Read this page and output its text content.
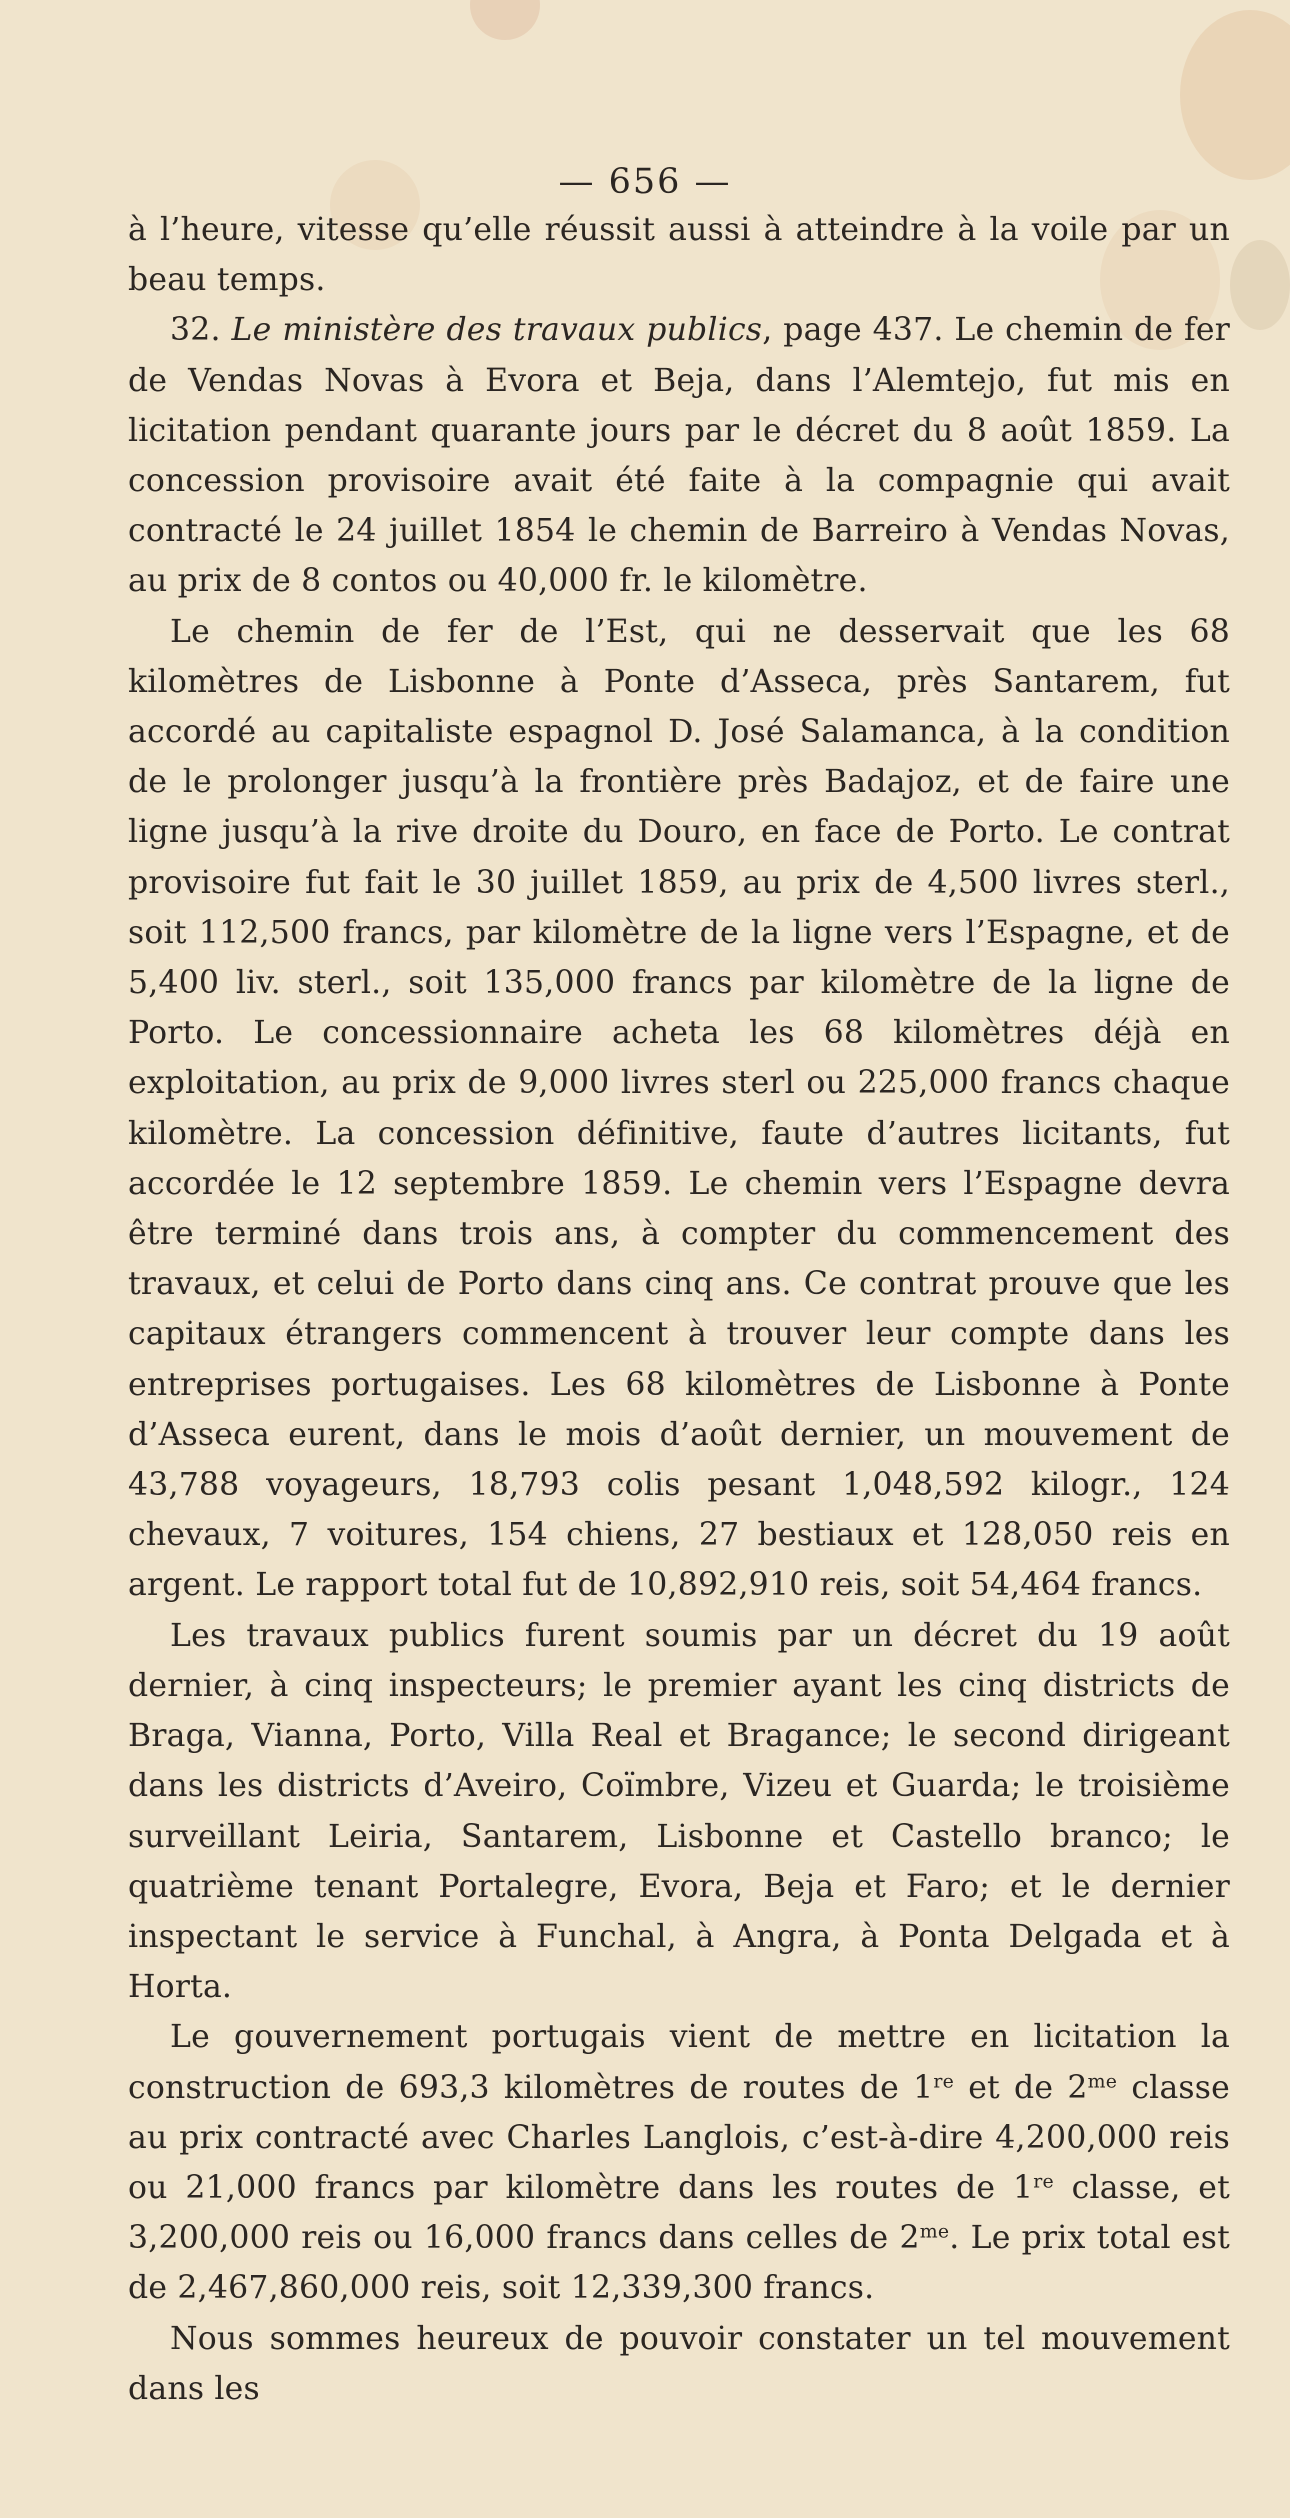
— 656 —

à l’heure, vitesse qu’elle réussit aussi à atteindre à la voile par un beau temps.

32. Le ministère des travaux publics, page 437. Le chemin de fer de Vendas Novas à Evora et Beja, dans l’Alemtejo, fut mis en licitation pendant quarante jours par le décret du 8 août 1859. La concession provisoire avait été faite à la compagnie qui avait contracté le 24 juillet 1854 le chemin de Barreiro à Vendas Novas, au prix de 8 contos ou 40,000 fr. le kilomètre.

Le chemin de fer de l’Est, qui ne desservait que les 68 kilomètres de Lisbonne à Ponte d’Asseca, près Santarem, fut accordé au capitaliste espagnol D. José Salamanca, à la condition de le prolonger jusqu’à la frontière près Badajoz, et de faire une ligne jusqu’à la rive droite du Douro, en face de Porto. Le contrat provisoire fut fait le 30 juillet 1859, au prix de 4,500 livres sterl., soit 112,500 francs, par kilomètre de la ligne vers l’Espagne, et de 5,400 liv. sterl., soit 135,000 francs par kilomètre de la ligne de Porto. Le concessionnaire acheta les 68 kilomètres déjà en exploitation, au prix de 9,000 livres sterl ou 225,000 francs chaque kilomètre. La concession définitive, faute d’autres licitants, fut accordée le 12 septembre 1859. Le chemin vers l’Espagne devra être terminé dans trois ans, à compter du commencement des travaux, et celui de Porto dans cinq ans. Ce contrat prouve que les capitaux étrangers commencent à trouver leur compte dans les entreprises portugaises. Les 68 kilomètres de Lisbonne à Ponte d’Asseca eurent, dans le mois d’août dernier, un mouvement de 43,788 voyageurs, 18,793 colis pesant 1,048,592 kilogr., 124 chevaux, 7 voitures, 154 chiens, 27 bestiaux et 128,050 reis en argent. Le rapport total fut de 10,892,910 reis, soit 54,464 francs.

Les travaux publics furent soumis par un décret du 19 août dernier, à cinq inspecteurs; le premier ayant les cinq districts de Braga, Vianna, Porto, Villa Real et Bragance; le second dirigeant dans les districts d’Aveiro, Coïmbre, Vizeu et Guarda; le troisième surveillant Leiria, Santarem, Lisbonne et Castello branco; le quatrième tenant Portalegre, Evora, Beja et Faro; et le dernier inspectant le service à Funchal, à Angra, à Ponta Delgada et à Horta.

Le gouvernement portugais vient de mettre en licitation la construction de 693,3 kilomètres de routes de 1re et de $2^{me}$ classe au prix contracté avec Charles Langlois, c’est-à-dire 4,200,000 reis ou 21,000 francs par kilomètre dans les routes de 1re classe, et 3,200,000 reis ou 16,000 francs dans celles de $2^{me}$. Le prix total est de 2,467,860,000 reis, soit 12,339,300 francs.

Nous sommes heureux de pouvoir constater un tel mouvement dans les
